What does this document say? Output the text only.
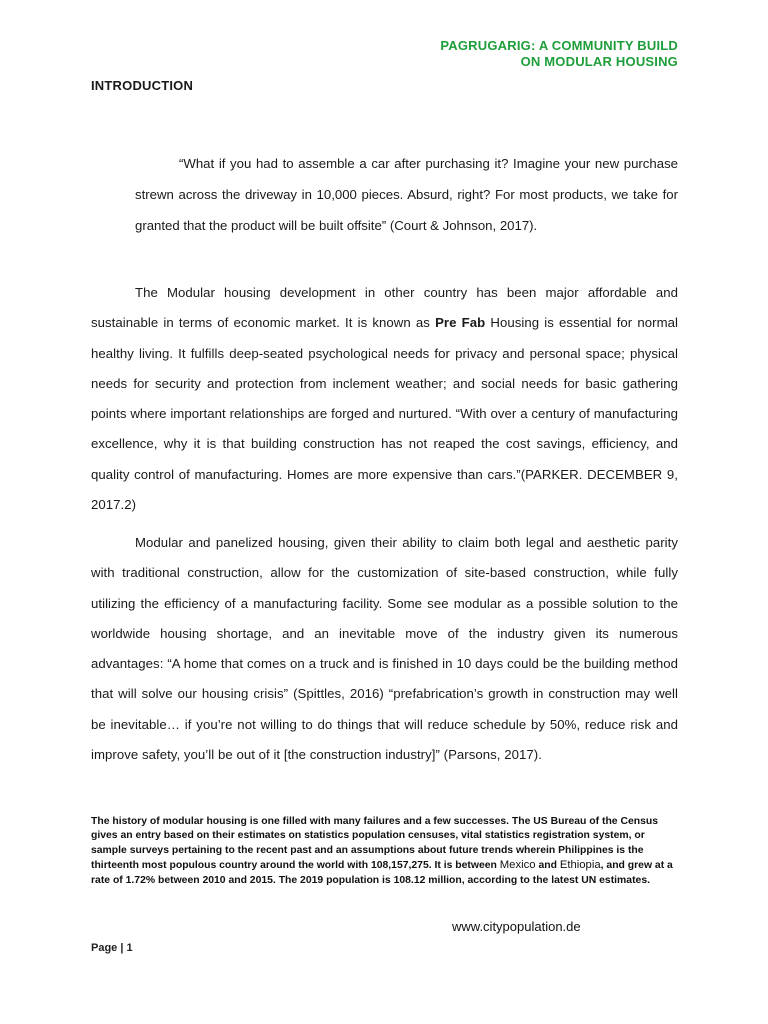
PAGRUGARIG: A COMMUNITY BUILD
ON MODULAR HOUSING
INTRODUCTION
“What if you had to assemble a car after purchasing it? Imagine your new purchase strewn across the driveway in 10,000 pieces. Absurd, right? For most products, we take for granted that the product will be built offsite” (Court & Johnson, 2017).
The Modular housing development in other country has been major affordable and sustainable in terms of economic market. It is known as Pre Fab Housing is essential for normal healthy living. It fulfills deep-seated psychological needs for privacy and personal space; physical needs for security and protection from inclement weather; and social needs for basic gathering points where important relationships are forged and nurtured. “With over a century of manufacturing excellence, why it is that building construction has not reaped the cost savings, efficiency, and quality control of manufacturing. Homes are more expensive than cars.”(PARKER. DECEMBER 9, 2017.2)
Modular and panelized housing, given their ability to claim both legal and aesthetic parity with traditional construction, allow for the customization of site-based construction, while fully utilizing the efficiency of a manufacturing facility. Some see modular as a possible solution to the worldwide housing shortage, and an inevitable move of the industry given its numerous advantages: “A home that comes on a truck and is finished in 10 days could be the building method that will solve our housing crisis” (Spittles, 2016) “prefabrication’s growth in construction may well be inevitable… if you’re not willing to do things that will reduce schedule by 50%, reduce risk and improve safety, you’ll be out of it [the construction industry]” (Parsons, 2017).
The history of modular housing is one filled with many failures and a few successes. The US Bureau of the Census gives an entry based on their estimates on statistics population censuses, vital statistics registration system, or sample surveys pertaining to the recent past and an assumptions about future trends wherein Philippines is the thirteenth most populous country around the world with 108,157,275. It is between Mexico and Ethiopia, and grew at a rate of 1.72% between 2010 and 2015. The 2019 population is 108.12 million, according to the latest UN estimates.
www.citypopulation.de
Page | 1
